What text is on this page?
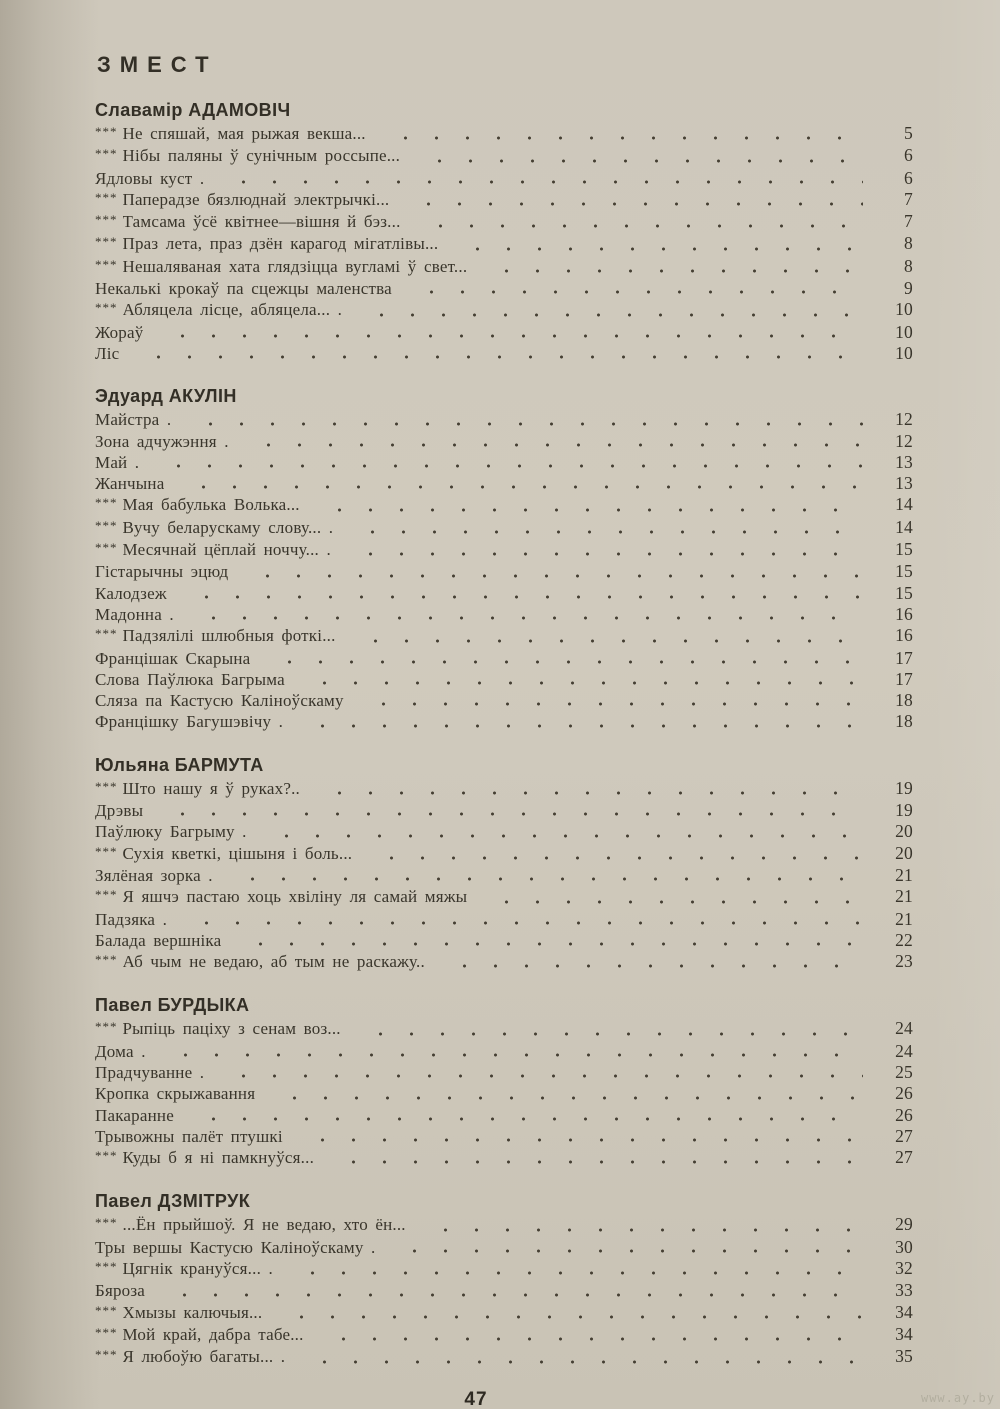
ЗМЕСТ
Славамір АДАМОВІЧ
*** Не спяшай, мая рыжая векша...	5
*** Нібы паляны ў сунічным россыпе...	6
Ядловы куст .	6
*** Паперадзе бязлюднай электрычкі...	7
*** Тамсама ўсё квітнее—вішня й бэз...	7
*** Праз лета, праз дзён карагод мігатлівы...	8
*** Нешаляваная хата глядзіцца вугламі ў свет...	8
Некалькі крокаў па сцежцы маленства	9
*** Абляцела лісце, абляцела... .	10
Жораў	10
Ліс	10
Эдуард АКУЛІН
Майстра .	12
Зона адчужэння .	12
Май .	13
Жанчына	13
*** Мая бабулька Волька...	14
*** Вучу беларускаму слову... .	14
*** Месячнай цёплай ноччу... .	15
Гістарычны эцюд	15
Калодзеж	15
Мадонна .	16
*** Падзялілі шлюбныя фоткі...	16
Францішак Скарына	17
Слова Паўлюка Багрыма	17
Сляза па Кастусю Каліноўскаму	18
Францішку Багушэвічу .	18
Юльяна БАРМУТА
*** Што нашу я ў руках?..	19
Дрэвы	19
Паўлюку Багрыму .	20
*** Сухія кветкі, цішыня і боль...	20
Зялёная зорка .	21
*** Я яшчэ пастаю хоць хвіліну ля самай мяжы	21
Падзяка .	21
Балада вершніка	22
*** Аб чым не ведаю, аб тым не раскажу..	23
Павел БУРДЫКА
*** Рыпіць паціху з сенам воз...	24
Дома .	24
Прадчуванне .	25
Кропка скрыжавання	26
Пакаранне	26
Трывожны палёт птушкі	27
*** Куды б я ні памкнуўся...	27
Павел ДЗМІТРУК
*** ...Ён прыйшоў. Я не ведаю, хто ён...	29
Тры вершы Кастусю Каліноўскаму .	30
*** Цягнік крануўся... .	32
Бяроза	33
*** Хмызы калючыя...	34
*** Мой край, дабра табе...	34
*** Я любоўю багаты... .	35
47	www.ay.by
